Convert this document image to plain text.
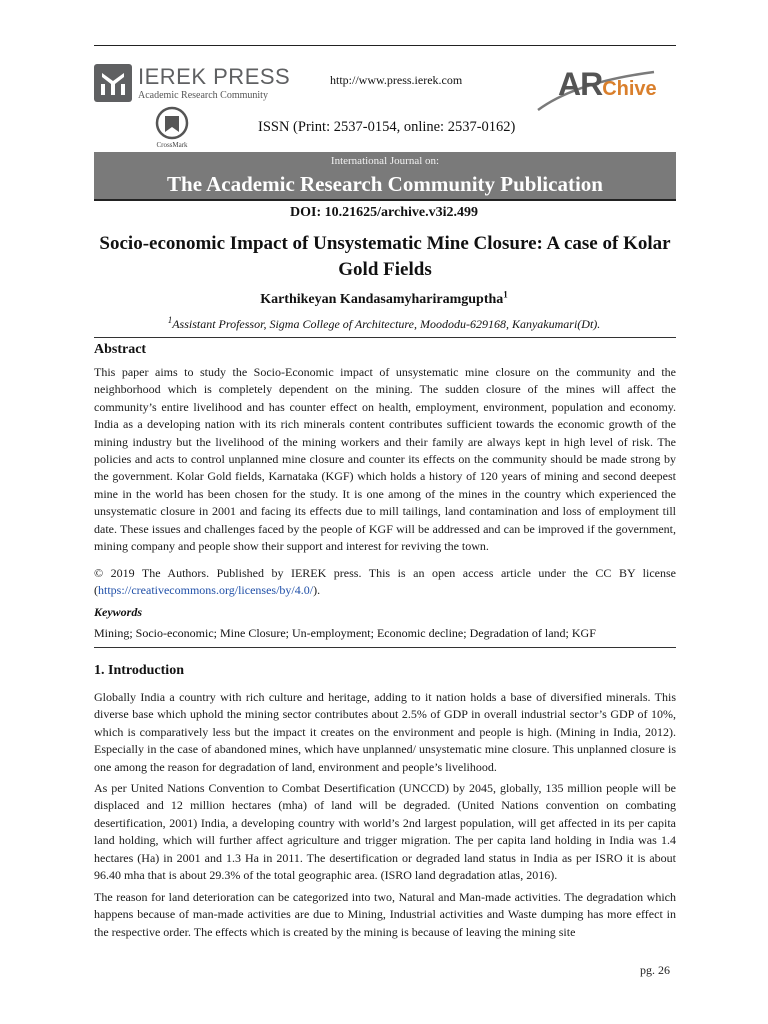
IEREK PRESS
Academic Research Community
CrossMark
http://www.press.ierek.com
ISSN (Print: 2537-0154, online: 2537-0162)
ARChive
International Journal on:
The Academic Research Community Publication
DOI: 10.21625/archive.v3i2.499
Socio-economic Impact of Unsystematic Mine Closure: A case of Kolar Gold Fields
Karthikeyan Kandasamyhariramguptha$^1$
$^1$Assistant Professor, Sigma College of Architecture, Moododu-629168, Kanyakumari(Dt).
Abstract
This paper aims to study the Socio-Economic impact of unsystematic mine closure on the community and the neighborhood which is completely dependent on the mining. The sudden closure of the mines will affect the community’s entire livelihood and has counter effect on health, employment, environment, population and economy. India as a developing nation with its rich minerals content contributes sufficient towards the economic growth of the mining industry but the livelihood of the mining workers and their family are always kept in high level of risk. The policies and acts to control unplanned mine closure and counter its effects on the community should be made strong by the government. Kolar Gold fields, Karnataka (KGF) which holds a history of 120 years of mining and second deepest mine in the world has been chosen for the study. It is one among of the mines in the country which experienced the unsystematic closure in 2001 and facing its effects due to mill tailings, land contamination and loss of employment till date. These issues and challenges faced by the people of KGF will be addressed and can be improved if the government, mining company and people show their support and interest for reviving the town.
© 2019 The Authors. Published by IEREK press. This is an open access article under the CC BY license (https://creativecommons.org/licenses/by/4.0/).
Keywords
Mining; Socio-economic; Mine Closure; Un-employment; Economic decline; Degradation of land; KGF
1. Introduction
Globally India a country with rich culture and heritage, adding to it nation holds a base of diversified minerals. This diverse base which uphold the mining sector contributes about 2.5% of GDP in overall industrial sector’s GDP of 10%, which is comparatively less but the impact it creates on the environment and people is high. (Mining in India, 2012). Especially in the case of abandoned mines, which have unplanned/ unsystematic mine closure. This unplanned closure is one among the reason for degradation of land, environment and people’s livelihood.
As per United Nations Convention to Combat Desertification (UNCCD) by 2045, globally, 135 million people will be displaced and 12 million hectares (mha) of land will be degraded. (United Nations convention on combating desertification, 2001) India, a developing country with world’s 2nd largest population, will get affected in its per capita land holding, which will further affect agriculture and trigger migration. The per capita land holding in India was 1.4 hectares (Ha) in 2001 and 1.3 Ha in 2011. The desertification or degraded land status in India as per ISRO it is about 96.40 mha that is about 29.3% of the total geographic area. (ISRO land degradation atlas, 2016).
The reason for land deterioration can be categorized into two, Natural and Man-made activities. The degradation which happens because of man-made activities are due to Mining, Industrial activities and Waste dumping has more effect in the respective order. The effects which is created by the mining is because of leaving the mining site
pg. 26
